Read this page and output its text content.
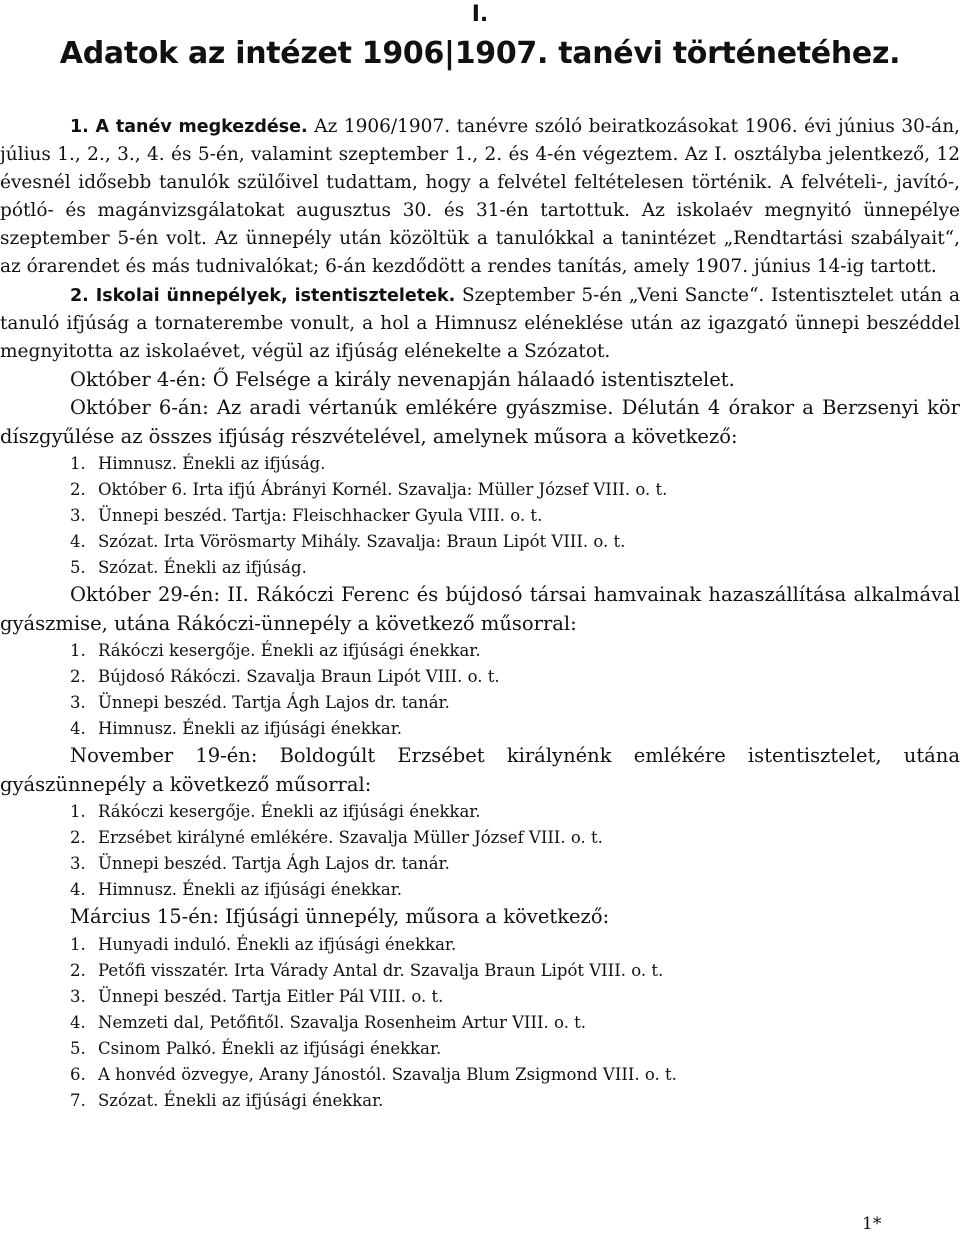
I.
Adatok az intézet 1906|1907. tanévi történetéhez.

1. A tanév megkezdése. Az 1906/1907. tanévre szóló beiratkozásokat 1906. évi június 30-án, július 1., 2., 3., 4. és 5-én, valamint szeptember 1., 2. és 4-én végeztem. Az I. osztályba jelentkező, 12 évesnél idősebb tanulók szülőivel tudattam, hogy a felvétel feltételesen történik. A felvételi-, javító-, pótló- és magánvizsgálatokat augusztus 30. és 31-én tartottuk. Az iskolaév megnyitó ünnepélye szeptember 5-én volt. Az ünnepély után közöltük a tanulókkal a tanintézet „Rendtartási szabályait“, az órarendet és más tudnivalókat; 6-án kezdődött a rendes tanítás, amely 1907. június 14-ig tartott.

2. Iskolai ünnepélyek, istentiszteletek. Szeptember 5-én „Veni Sancte“. Istentisztelet után a tanuló ifjúság a tornaterembe vonult, a hol a Himnusz eléneklése után az igazgató ünnepi beszéddel megnyitotta az iskolaévet, végül az ifjúság elénekelte a Szózatot.

Október 4-én: Ő Felsége a király nevenapján hálaadó istentisztelet.

Október 6-án: Az aradi vértanúk emlékére gyászmise. Délután 4 órakor a Berzsenyi kör díszgyűlése az összes ifjúság részvételével, amelynek műsora a következő:

1. Himnusz. Énekli az ifjúság.
2. Október 6. Irta ifjú Ábrányi Kornél. Szavalja: Müller József VIII. o. t.
3. Ünnepi beszéd. Tartja: Fleischhacker Gyula VIII. o. t.
4. Szózat. Irta Vörösmarty Mihály. Szavalja: Braun Lipót VIII. o. t.
5. Szózat. Énekli az ifjúság.

Október 29-én: II. Rákóczi Ferenc és bújdosó társai hamvainak hazaszállítása alkalmával gyászmise, utána Rákóczi-ünnepély a következő műsorral:

1. Rákóczi kesergője. Énekli az ifjúsági énekkar.
2. Bújdosó Rákóczi. Szavalja Braun Lipót VIII. o. t.
3. Ünnepi beszéd. Tartja Ágh Lajos dr. tanár.
4. Himnusz. Énekli az ifjúsági énekkar.

November 19-én: Boldogúlt Erzsébet királynénk emlékére istentisztelet, utána gyászünnepély a következő műsorral:

1. Rákóczi kesergője. Énekli az ifjúsági énekkar.
2. Erzsébet királyné emlékére. Szavalja Müller József VIII. o. t.
3. Ünnepi beszéd. Tartja Ágh Lajos dr. tanár.
4. Himnusz. Énekli az ifjúsági énekkar.

Március 15-én: Ifjúsági ünnepély, műsora a következő:

1. Hunyadi induló. Énekli az ifjúsági énekkar.
2. Petőfi visszatér. Irta Várady Antal dr. Szavalja Braun Lipót VIII. o. t.
3. Ünnepi beszéd. Tartja Eitler Pál VIII. o. t.
4. Nemzeti dal, Petőfitől. Szavalja Rosenheim Artur VIII. o. t.
5. Csinom Palkó. Énekli az ifjúsági énekkar.
6. A honvéd özvegye, Arany Jánostól. Szavalja Blum Zsigmond VIII. o. t.
7. Szózat. Énekli az ifjúsági énekkar.
1*
